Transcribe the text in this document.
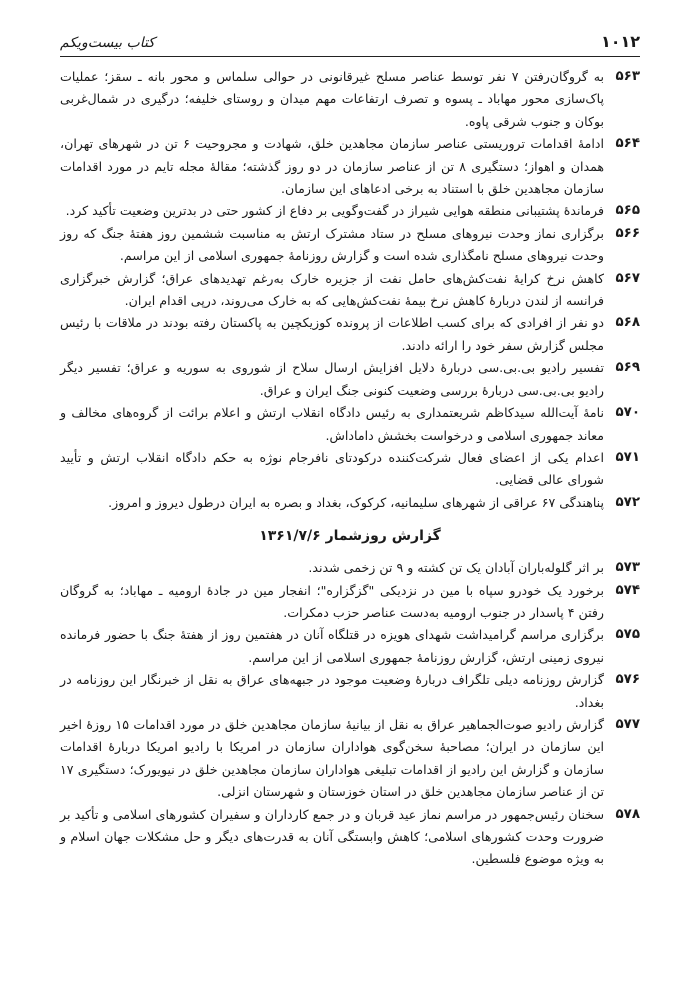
۱۰۱۲
کتاب بیست‌ویکم
۵۶۳
به گروگان‌رفتن ۷ نفر توسط عناصر مسلح غیرقانونی در حوالی سلماس و محور بانه ـ سقز؛ عملیات پاک‌سازی محور مهاباد ـ پسوه و تصرف ارتفاعات مهم میدان و روستای خلیفه؛ درگیری در شمال‌غربی بوکان و جنوب شرقی پاوه.
۵۶۴
ادامهٔ اقدامات تروریستی عناصر سازمان مجاهدین خلق، شهادت و مجروحیت ۶ تن در شهرهای تهران، همدان و اهواز؛ دستگیری ۸ تن از عناصر سازمان در دو روز گذشته؛ مقالهٔ مجله تایم در مورد اقدامات سازمان مجاهدین خلق با استناد به برخی ادعاهای این سازمان.
۵۶۵
فرماندهٔ پشتیبانی منطقه هوایی شیراز در گفت‌وگویی بر دفاع از کشور حتی در بدترین وضعیت تأکید کرد.
۵۶۶
برگزاری نماز وحدت نیروهای مسلح در ستاد مشترک ارتش به مناسبت ششمین روز هفتهٔ جنگ که روز وحدت نیروهای مسلح نامگذاری شده است و گزارش روزنامهٔ جمهوری اسلامی از این مراسم.
۵۶۷
کاهش نرخ کرایهٔ نفت‌کش‌های حامل نفت از جزیره خارک به‌رغم تهدیدهای عراق؛ گزارش خبرگزاری فرانسه از لندن دربارهٔ کاهش نرخ بیمهٔ نفت‌کش‌هایی که به خارک می‌روند، درپی اقدام ایران.
۵۶۸
دو نفر از افرادی که برای کسب اطلاعات از پرونده کوزیکچین به پاکستان رفته بودند در ملاقات با رئیس مجلس گزارش سفر خود را ارائه دادند.
۵۶۹
تفسیر رادیو بی.بی.سی دربارهٔ دلایل افزایش ارسال سلاح از شوروی به سوریه و عراق؛ تفسیر دیگر رادیو بی.بی.سی دربارهٔ بررسی وضعیت کنونی جنگ ایران و عراق.
۵۷۰
نامهٔ آیت‌الله سیدکاظم شریعتمداری به رئیس دادگاه انقلاب ارتش و اعلام برائت از گروه‌های مخالف و معاند جمهوری اسلامی و درخواست بخشش داماداش.
۵۷۱
اعدام یکی از اعضای فعال شرکت‌کننده درکودتای نافرجام نوژه به حکم دادگاه انقلاب ارتش و تأیید شورای عالی قضایی.
۵۷۲
پناهندگی ۶۷ عراقی از شهرهای سلیمانیه، کرکوک، بغداد و بصره به ایران درطول دیروز و امروز.
گزارش روزشمار ۱۳۶۱/۷/۶
۵۷۳
بر اثر گلوله‌باران آبادان یک تن کشته و ۹ تن زخمی شدند.
۵۷۴
برخورد یک خودرو سپاه با مین در نزدیکی "گزگزاره"؛ انفجار مین در جادهٔ ارومیه ـ مهاباد؛ به گروگان رفتن ۴ پاسدار در جنوب ارومیه به‌دست عناصر حزب دمکرات.
۵۷۵
برگزاری مراسم گرامیداشت شهدای هویزه در قتلگاه آنان در هفتمین روز از هفتهٔ جنگ با حضور فرمانده نیروی زمینی ارتش، گزارش روزنامهٔ جمهوری اسلامی از این مراسم.
۵۷۶
گزارش روزنامه دیلی تلگراف دربارهٔ وضعیت موجود در جبهه‌های عراق به نقل از خبرنگار این روزنامه در بغداد.
۵۷۷
گزارش رادیو صوت‌الجماهیر عراق به نقل از بیانیهٔ سازمان مجاهدین خلق در مورد اقدامات ۱۵ روزهٔ اخیر این سازمان در ایران؛ مصاحبهٔ سخن‌گوی هواداران سازمان در امریکا با رادیو امریکا دربارهٔ اقدامات سازمان و گزارش این رادیو از اقدامات تبلیغی هواداران سازمان مجاهدین خلق در نیویورک؛ دستگیری ۱۷ تن از عناصر سازمان مجاهدین خلق در استان خوزستان و شهرستان انزلی.
۵۷۸
سخنان رئیس‌جمهور در مراسم نماز عید قربان و در جمع کارداران و سفیران کشورهای اسلامی و تأکید بر ضرورت وحدت کشورهای اسلامی؛ کاهش وابستگی آنان به قدرت‌های دیگر و حل مشکلات جهان اسلام و به ویژه موضوع فلسطین.
